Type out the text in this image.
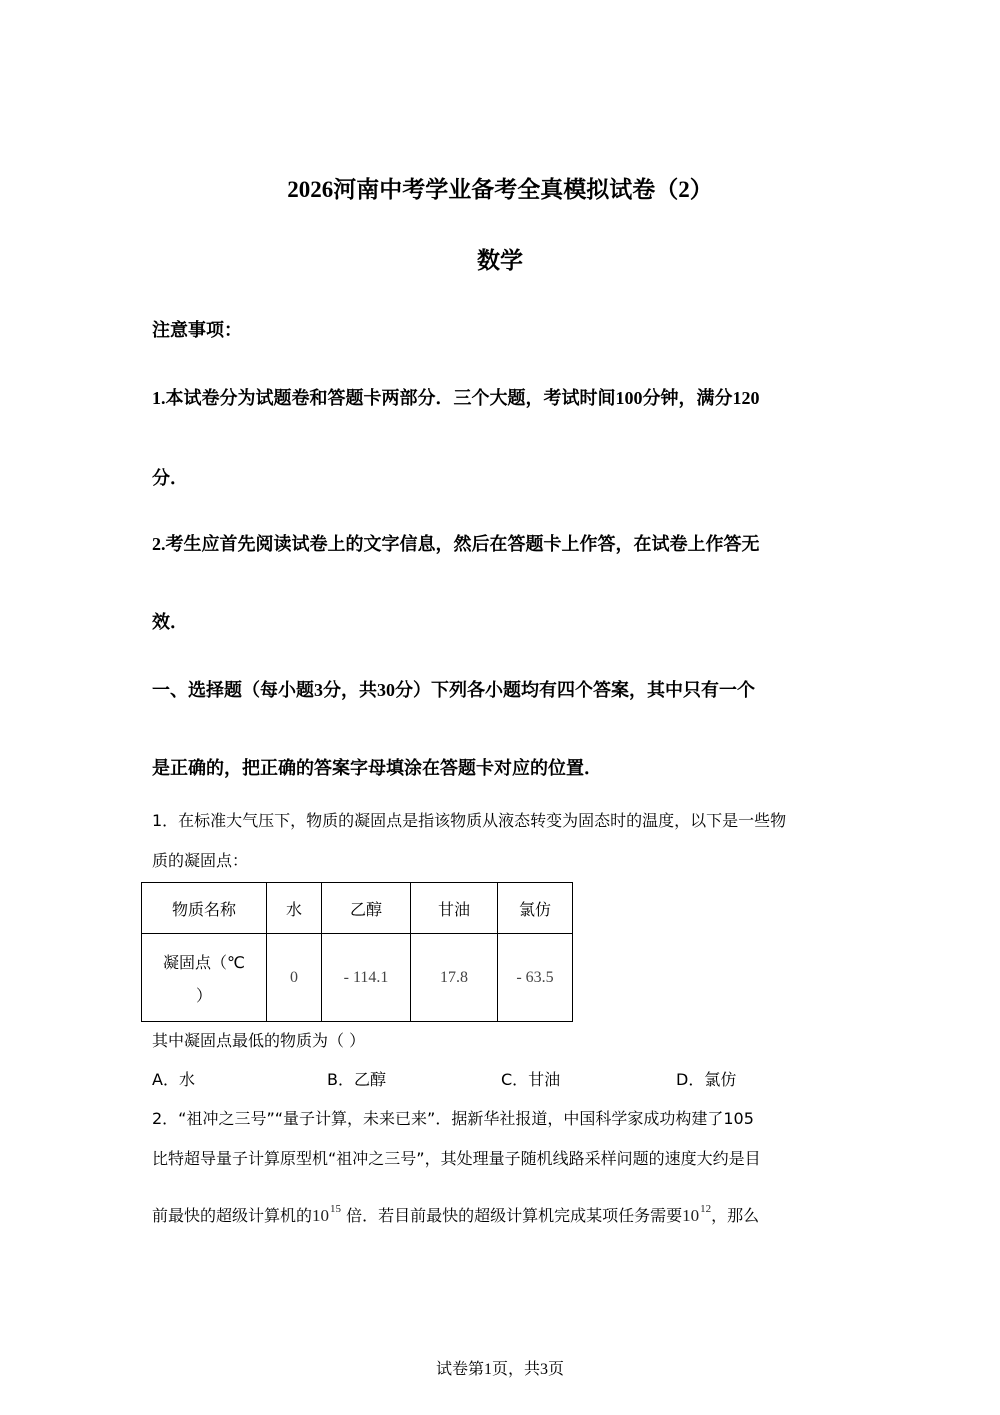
2026河南中考学业备考全真模拟试卷（2）
数学
注意事项：
1.本试卷分为试题卷和答题卡两部分．三个大题，考试时间100分钟，满分120
分．
2.考生应首先阅读试卷上的文字信息，然后在答题卡上作答，在试卷上作答无
效．
一、选择题（每小题3分，共30分）下列各小题均有四个答案，其中只有一个
是正确的，把正确的答案字母填涂在答题卡对应的位置．
1．在标准大气压下，物质的凝固点是指该物质从液态转变为固态时的温度，以下是一些物
质的凝固点：
物质名称	水	乙醇	甘油	氯仿

凝固点（℃
）	0	- 114.1	17.8	- 63.5
其中凝固点最低的物质为（ ）
A．水	B．乙醇	C．甘油	D．氯仿
2．“祖冲之三号”“量子计算，未来已来”．据新华社报道，中国科学家成功构建了105
比特超导量子计算原型机“祖冲之三号”，其处理量子随机线路采样问题的速度大约是目
前最快的超级计算机的$10^{15}$ 倍．若目前最快的超级计算机完成某项任务需要$10^{12}$，那么
试卷第1页，共3页
